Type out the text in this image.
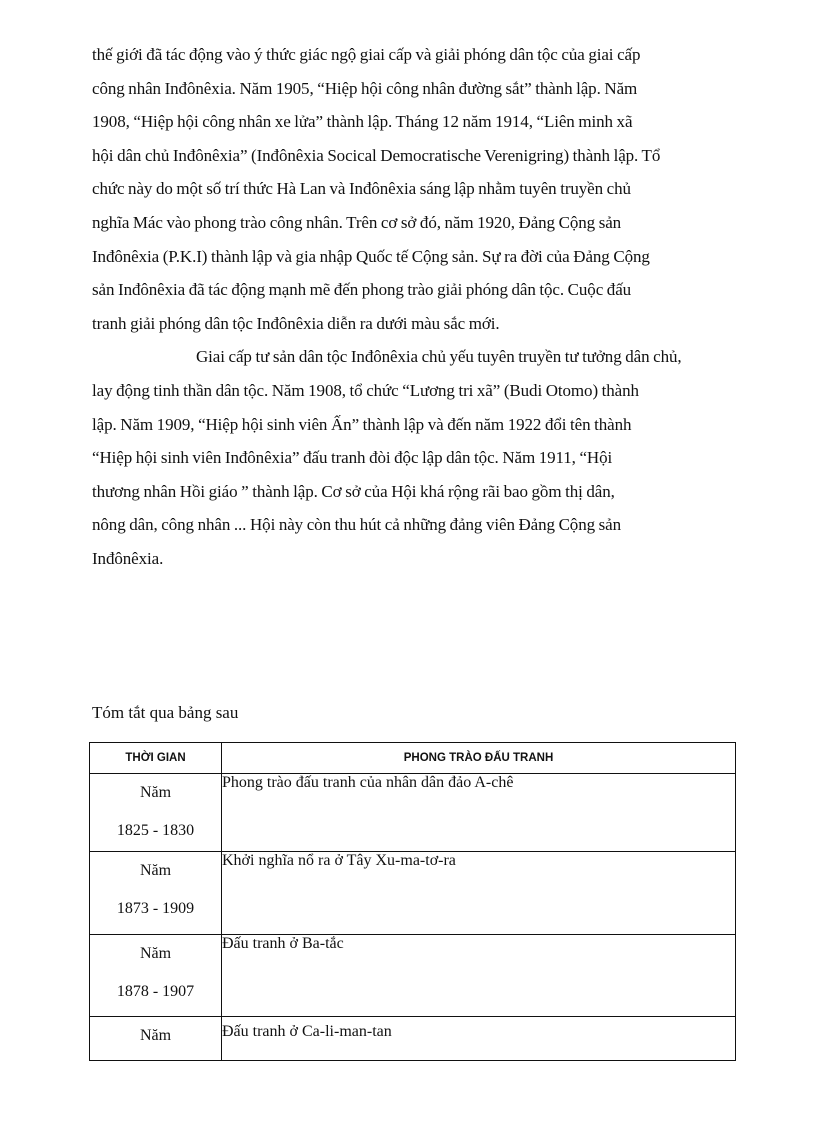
thế giới đã tác động vào ý thức giác ngộ giai cấp và giải phóng dân tộc của giai cấp
công nhân Inđônêxia. Năm 1905, “Hiệp hội công nhân đường sắt” thành lập. Năm
1908, “Hiệp hội công nhân xe lửa” thành lập. Tháng 12 năm 1914, “Liên minh xã
hội dân chủ Inđônêxia” (Inđônêxia Socical Democratische Verenigring) thành lập. Tổ
chức này do một số trí thức Hà Lan và Inđônêxia sáng lập nhằm tuyên truyền chủ
nghĩa Mác vào phong trào công nhân. Trên cơ sở đó, năm 1920, Đảng Cộng sản
Inđônêxia (P.K.I) thành lập và gia nhập Quốc tế Cộng sản. Sự ra đời của Đảng Cộng
sản Inđônêxia đã tác động mạnh mẽ đến phong trào giải phóng dân tộc. Cuộc đấu
tranh giải phóng dân tộc Inđônêxia diễn ra dưới màu sắc mới.

Giai cấp tư sản dân tộc Inđônêxia chủ yếu tuyên truyền tư tưởng dân chủ,
lay động tinh thần dân tộc. Năm 1908, tổ chức “Lương tri xã” (Budi Otomo) thành
lập. Năm 1909, “Hiệp hội sinh viên Ấn” thành lập và đến năm 1922 đổi tên thành
“Hiệp hội sinh viên Inđônêxia” đấu tranh đòi độc lập dân tộc. Năm 1911, “Hội
thương nhân Hồi giáo ” thành lập. Cơ sở của Hội khá rộng rãi bao gồm thị dân,
nông dân, công nhân ... Hội này còn thu hút cả những đảng viên Đảng Cộng sản
Inđônêxia.

Tóm tắt qua bảng sau
THỜI GIAN	PHONG TRÀO ĐẤU TRANH

Năm
1825 - 1830	Phong trào đấu tranh của nhân dân đảo A-chê

Năm
1873 - 1909	Khởi nghĩa nổ ra ở Tây Xu-ma-tơ-ra

Năm
1878 - 1907	Đấu tranh ở Ba-tắc

Năm	Đấu tranh ở Ca-li-man-tan
